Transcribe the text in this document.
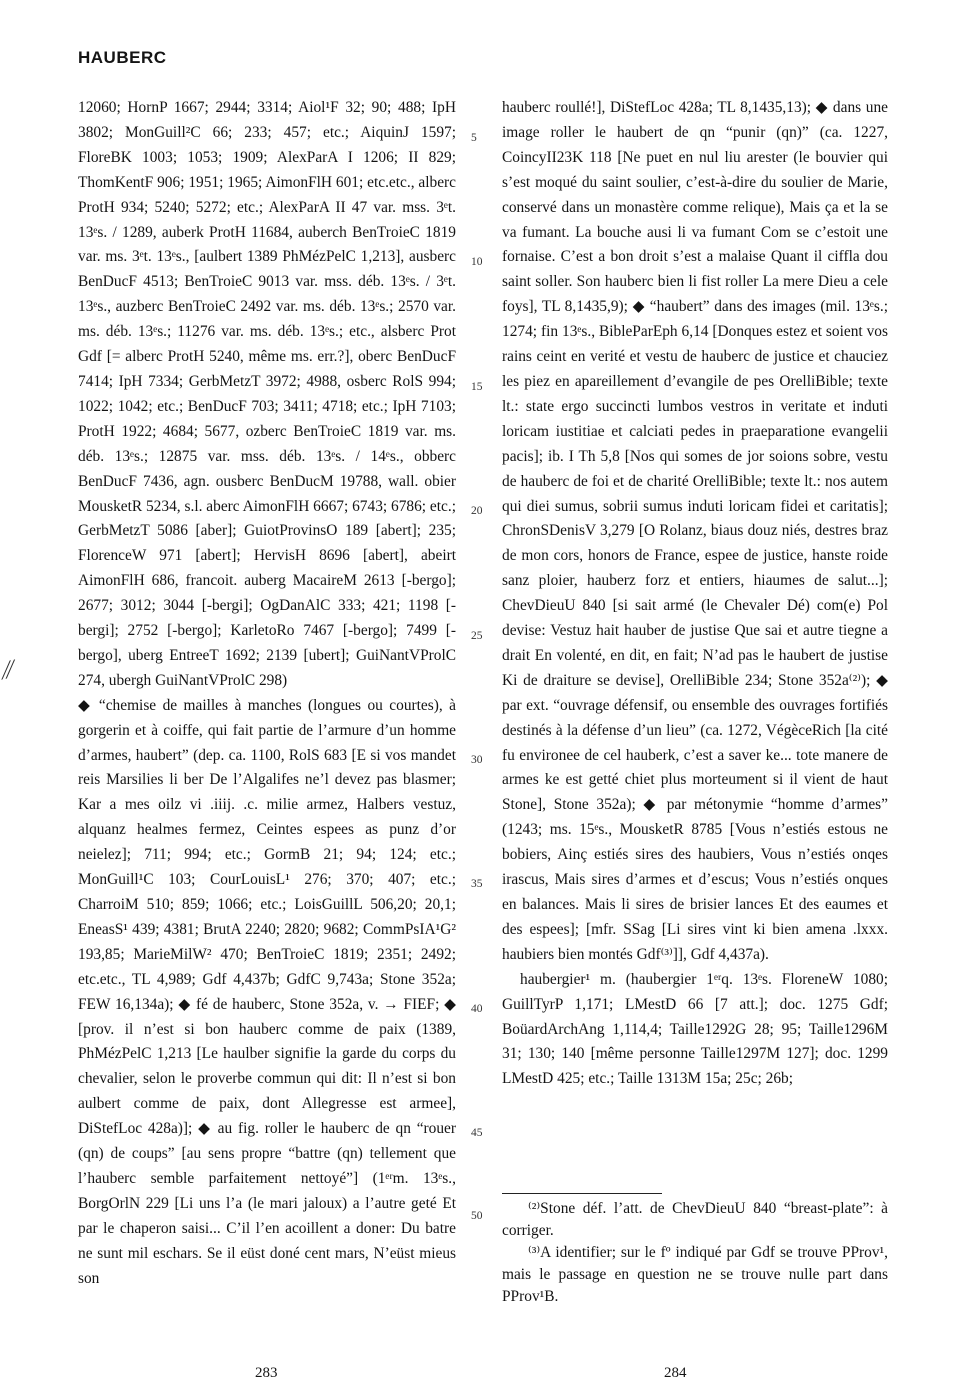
HAUBERC

12060; HornP 1667; 2944; 3314; Aiol¹F 32; 90; 488; IpH 3802; MonGuill²C 66; 233; 457; etc.; AiquinJ 1597; FloreBK 1003; 1053; 1909; AlexParA I 1206; II 829; ThomKentF 906; 1951; 1965; AimonFlH 601; etc.etc., alberc ProtH 934; 5240; 5272; etc.; AlexParA II 47 var. mss. 3ᵉt. 13ᵉs. / 1289, auberk ProtH 11684, auberch BenTroieC 1819 var. ms. 3ᵉt. 13ᵉs., [aulbert 1389 PhMézPelC 1,213], ausberc BenDucF 4513; BenTroieC 9013 var. mss. déb. 13ᵉs. / 3ᵉt. 13ᵉs., auzberc BenTroieC 2492 var. ms. déb. 13ᵉs.; 2570 var. ms. déb. 13ᵉs.; 11276 var. ms. déb. 13ᵉs.; etc., alsberc Prot Gdf [= alberc ProtH 5240, même ms. err.?], oberc BenDucF 7414; IpH 7334; GerbMetzT 3972; 4988, osberc RolS 994; 1022; 1042; etc.; BenDucF 703; 3411; 4718; etc.; IpH 7103; ProtH 1922; 4684; 5677, ozberc BenTroieC 1819 var. ms. déb. 13ᵉs.; 12875 var. mss. déb. 13ᵉs. / 14ᵉs., obberc BenDucF 7436, agn. ousberc BenDucM 19788, wall. obier MousketR 5234, s.l. aberc AimonFlH 6667; 6743; 6786; etc.; GerbMetzT 5086 [aber]; GuiotProvinsO 189 [abert]; 235; FlorenceW 971 [abert]; HervisH 8696 [abert], abeirt AimonFlH 686, francoit. auberg MacaireM 2613 [-bergo]; 2677; 3012; 3044 [-bergi]; OgDanAlC 333; 421; 1198 [-bergi]; 2752 [-bergo]; KarletoRo 7467 [-bergo]; 7499 [-bergo], uberg EntreeT 1692; 2139 [ubert]; GuiNantVProlC 274, ubergh GuiNantVProlC 298)

◆ “chemise de mailles à manches (longues ou courtes), à gorgerin et à coiffe, qui fait partie de l’armure d’un homme d’armes, haubert” (dep. ca. 1100, RolS 683 [E si vos mandet reis Marsilies li ber De l’Algalifes ne’l devez pas blasmer; Kar a mes oilz vi .iiij. .c. milie armez, Halbers vestuz, alquanz healmes fermez, Ceintes espees as punz d’or neielez]; 711; 994; etc.; GormB 21; 94; 124; etc.; MonGuill¹C 103; CourLouisL¹ 276; 370; 407; etc.; CharroiM 510; 859; 1066; etc.; LoisGuillL 506,20; 20,1; EneasS¹ 439; 4381; BrutA 2240; 2820; 9682; CommPsIA¹G² 193,85; MarieMilW² 470; BenTroieC 1819; 2351; 2492; etc.etc., TL 4,989; Gdf 4,437b; GdfC 9,743a; Stone 352a; FEW 16,134a); ◆ fé de hauberc, Stone 352a, v. → FIEF; ◆ [prov. il n’est si bon hauberc comme de paix (1389, PhMézPelC 1,213 [Le haulber signifie la garde du corps du chevalier, selon le proverbe commun qui dit: Il n’est si bon aulbert comme de paix, dont Allegresse est armee], DiStefLoc 428a)]; ◆ au fig. roller le hauberc de qn “rouer (qn) de coups” [au sens propre “battre (qn) tellement que l’hauberc semble parfaitement nettoyé”] (1ᵉʳm. 13ᵉs., BorgOrlN 229 [Li uns l’a (le mari jaloux) a l’autre geté Et par le chaperon saisi... C’il l’en acoillent a doner: Du batre ne sunt mil eschars. Se il eüst doné cent mars, N’eüst mieus son

5
10
15
20
25
30
35
40
45
50

hauberc roullé!], DiStefLoc 428a; TL 8,1435,13); ◆ dans une image roller le haubert de qn “punir (qn)” (ca. 1227, CoincyII23K 118 [Ne puet en nul liu arester (le bouvier qui s’est moqué du saint soulier, c’est-à-dire du soulier de Marie, conservé dans un monastère comme relique), Mais ça et la se va fumant. La bouche ausi li va fumant Com se c’estoit une fornaise. C’est a bon droit s’est a malaise Quant il ciffla dou saint soller. Son hauberc bien li fist roller La mere Dieu a cele foys], TL 8,1435,9); ◆ “haubert” dans des images (mil. 13ᵉs.; 1274; fin 13ᵉs., BibleParEph 6,14 [Donques estez et soient vos rains ceint en verité et vestu de hauberc de justice et chauciez les piez en apareillement d’evangile de pes OrelliBible; texte lt.: state ergo succincti lumbos vestros in veritate et induti loricam iustitiae et calciati pedes in praeparatione evangelii pacis]; ib. I Th 5,8 [Nos qui somes de jor soions sobre, vestu de hauberc de foi et de charité OrelliBible; texte lt.: nos autem qui diei sumus, sobrii sumus induti loricam fidei et caritatis]; ChronSDenisV 3,279 [O Rolanz, biaus douz niés, destres braz de mon cors, honors de France, espee de justice, hanste roide sanz ploier, hauberz forz et entiers, hiaumes de salut...]; ChevDieuU 840 [si sait armé (le Chevaler Dé) com(e) Pol devise: Vestuz hait hauber de justise Que sai et autre tiegne a drait En volenté, en dit, en fait; N’ad pas le haubert de justise Ki de draiture se devise], OrelliBible 234; Stone 352a⁽²⁾); ◆ par ext. “ouvrage défensif, ou ensemble des ouvrages fortifiés destinés à la défense d’un lieu” (ca. 1272, VégèceRich [la cité fu environee de cel hauberk, c’est a saver ke... tote manere de armes ke est getté chiet plus morteument si il vient de haut Stone], Stone 352a); ◆ par métonymie “homme d’armes” (1243; ms. 15ᵉs., MousketR 8785 [Vous n’estiés estous ne bobiers, Ainç estiés sires des haubiers, Vous n’estiés onqes irascus, Mais sires d’armes et d’escus; Vous n’estiés onques en balances. Mais li sires de brisier lances Et des eaumes et des espees]; [mfr. SSag [Li sires vint ki bien amena .lxxx. haubiers bien montés Gdf⁽³⁾]], Gdf 4,437a).

haubergier¹ m. (haubergier 1ᵉʳq. 13ᵉs. FloreneW 1080; GuillTyrP 1,171; LMestD 66 [7 att.]; doc. 1275 Gdf; BoüardArchAng 1,114,4; Taille1292G 28; 95; Taille1296M 31; 130; 140 [même personne Taille1297M 127]; doc. 1299 LMestD 425; etc.; Taille 1313M 15a; 25c; 26b;

⁽²⁾Stone déf. l’att. de ChevDieuU 840 “breast-plate”: à corriger.

⁽³⁾A identifier; sur le fº indiqué par Gdf se trouve PProv¹, mais le passage en question ne se trouve nulle part dans PProv¹B.

283	284
⁄⁄
